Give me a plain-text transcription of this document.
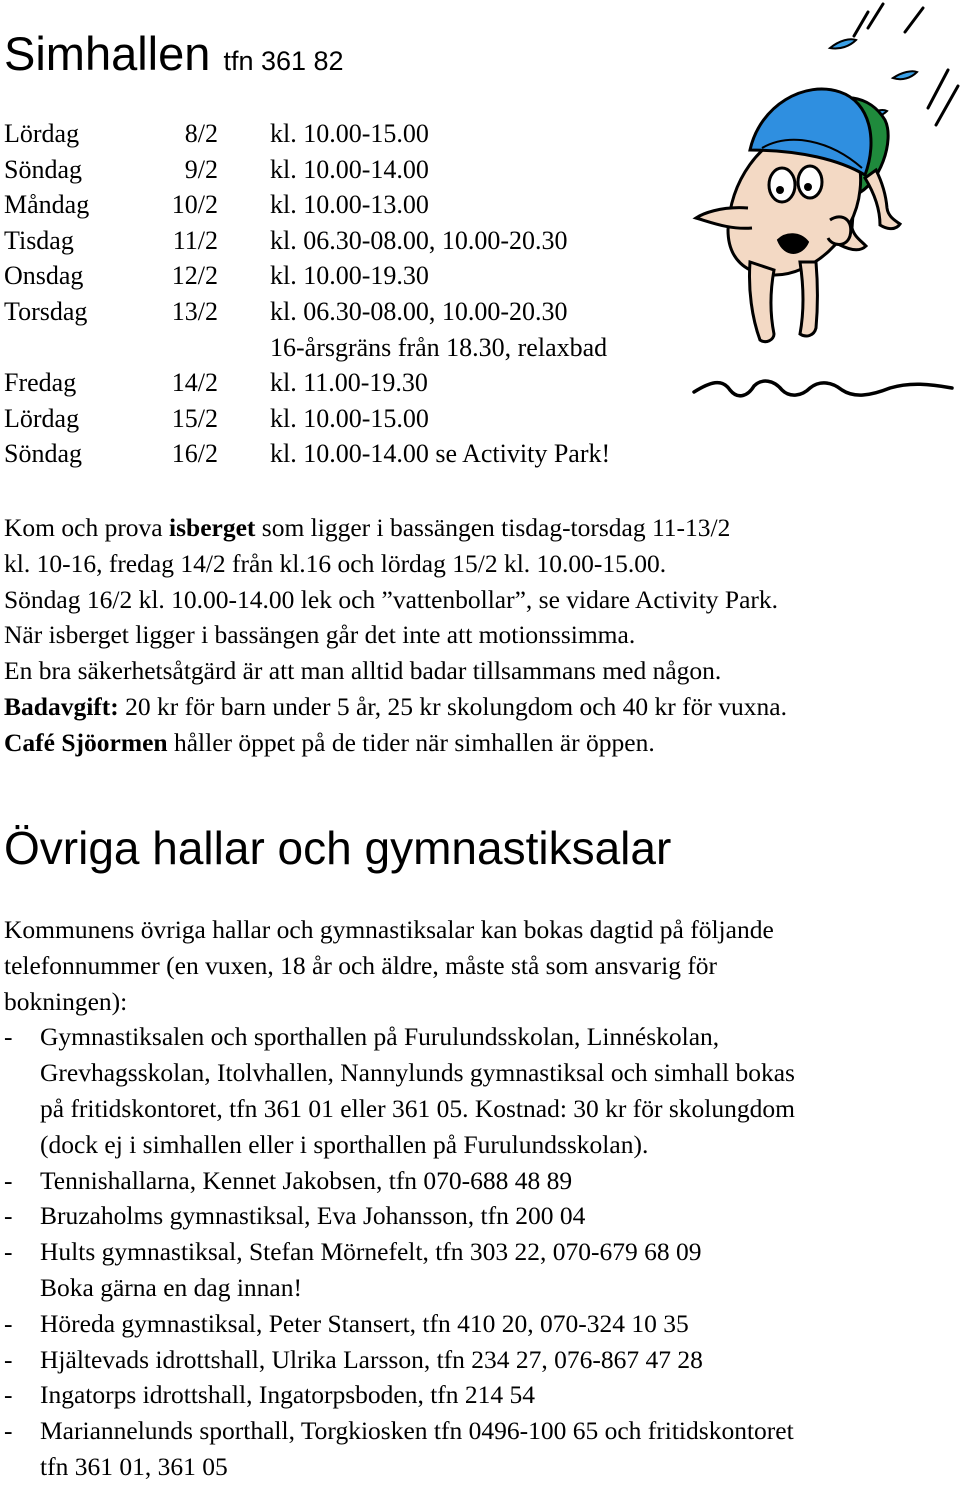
Simhallen tfn 361 82
Lördag	8/2 kl. 10.00-15.00
Söndag	9/2 kl. 10.00-14.00
Måndag	10/2 kl. 10.00-13.00
Tisdag	11/2 kl. 06.30-08.00, 10.00-20.30
Onsdag	12/2 kl. 10.00-19.30
Torsdag	13/2 kl. 06.30-08.00, 10.00-20.30
16-årsgräns från 18.30, relaxbad
Fredag	14/2 kl. 11.00-19.30
Lördag	15/2 kl. 10.00-15.00
Söndag	16/2 kl. 10.00-14.00 se Activity Park!

Kom och prova isberget som ligger i bassängen tisdag-torsdag 11-13/2

kl. 10-16, fredag 14/2 från kl.16 och lördag 15/2 kl. 10.00-15.00.

Söndag 16/2 kl. 10.00-14.00 lek och ”vattenbollar”, se vidare Activity Park.

När isberget ligger i bassängen går det inte att motionssimma.

En bra säkerhetsåtgärd är att man alltid badar tillsammans med någon.

Badavgift: 20 kr för barn under 5 år, 25 kr skolungdom och 40 kr för vuxna.

Café Sjöormen håller öppet på de tider när simhallen är öppen.

Övriga hallar och gymnastiksalar

Kommunens övriga hallar och gymnastiksalar kan bokas dagtid på följande

telefonnummer (en vuxen, 18 år och äldre, måste stå som ansvarig för

bokningen):

- Gymnastiksalen och sporthallen på Furulundsskolan, Linnéskolan,
Grevhagsskolan, Itolvhallen, Nannylunds gymnastiksal och simhall bokas
på fritidskontoret, tfn 361 01 eller 361 05. Kostnad: 30 kr för skolungdom
(dock ej i simhallen eller i sporthallen på Furulundsskolan).
- Tennishallarna, Kennet Jakobsen, tfn 070-688 48 89
- Bruzaholms gymnastiksal, Eva Johansson, tfn 200 04
- Hults gymnastiksal, Stefan Mörnefelt, tfn 303 22, 070-679 68 09
Boka gärna en dag innan!
- Höreda gymnastiksal, Peter Stansert, tfn 410 20, 070-324 10 35
- Hjältevads idrottshall, Ulrika Larsson, tfn 234 27, 076-867 47 28
- Ingatorps idrottshall, Ingatorpsboden, tfn 214 54
- Mariannelunds sporthall, Torgkiosken tfn 0496-100 65 och fritidskontoret
tfn 361 01, 361 05
